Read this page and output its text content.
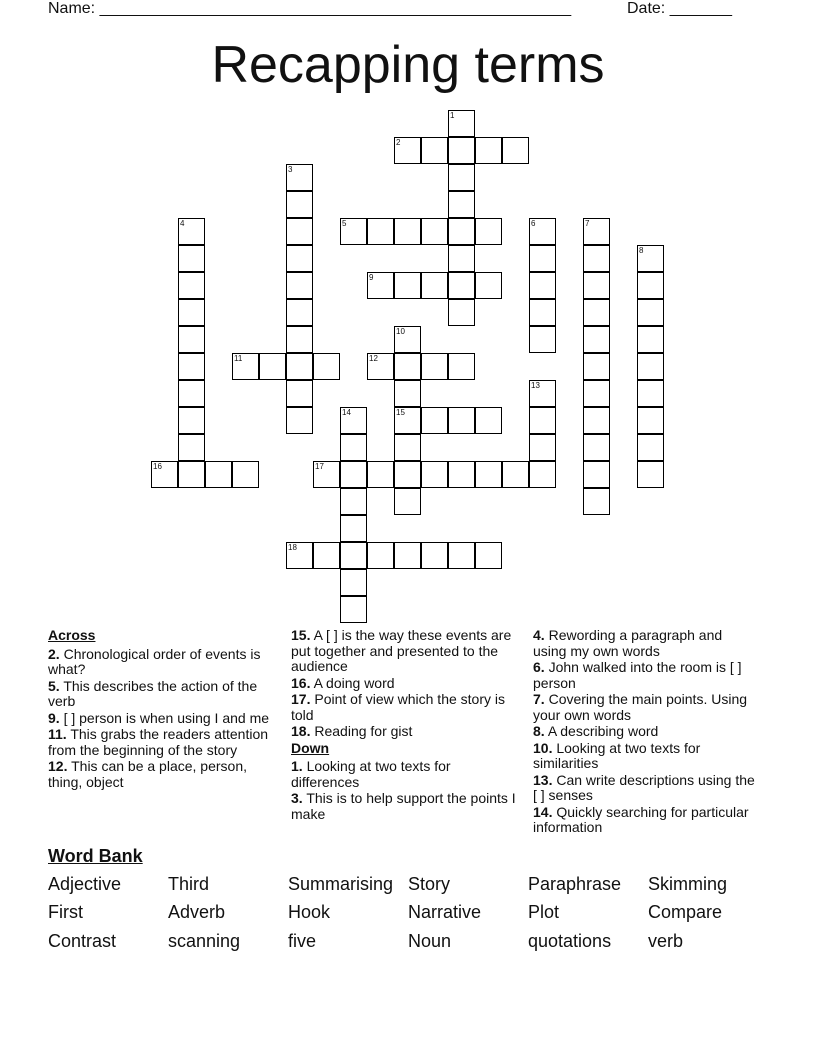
Name: _____________________________________________________	Date: _______
Recapping terms
1
2
3
4	5	6	7
8
9
10
15
11	12
13
14
16	17
18
Across
2. Chronological order of events is what?
5. This describes the action of the verb
9. [ ] person is when using I and me
11. This grabs the readers attention from the beginning of the story
12. This can be a place, person, thing, object
15. A [ ] is the way these events are put together and presented to the audience
16. A doing word
17. Point of view which the story is told
18. Reading for gist
Down
1. Looking at two texts for differences
3. This is to help support the points I make
4. Rewording a paragraph and using my own words
6. John walked into the room is [ ] person
7. Covering the main points. Using your own words
8. A describing word
10. Looking at two texts for similarities
13. Can write descriptions using the [ ] senses
14. Quickly searching for particular information
Word Bank
Adjective	Third	Summarising Story	Paraphrase Skimming
First	Adverb	Hook	Narrative	Plot	Compare
Contrast	scanning	five	Noun	quotations verb
